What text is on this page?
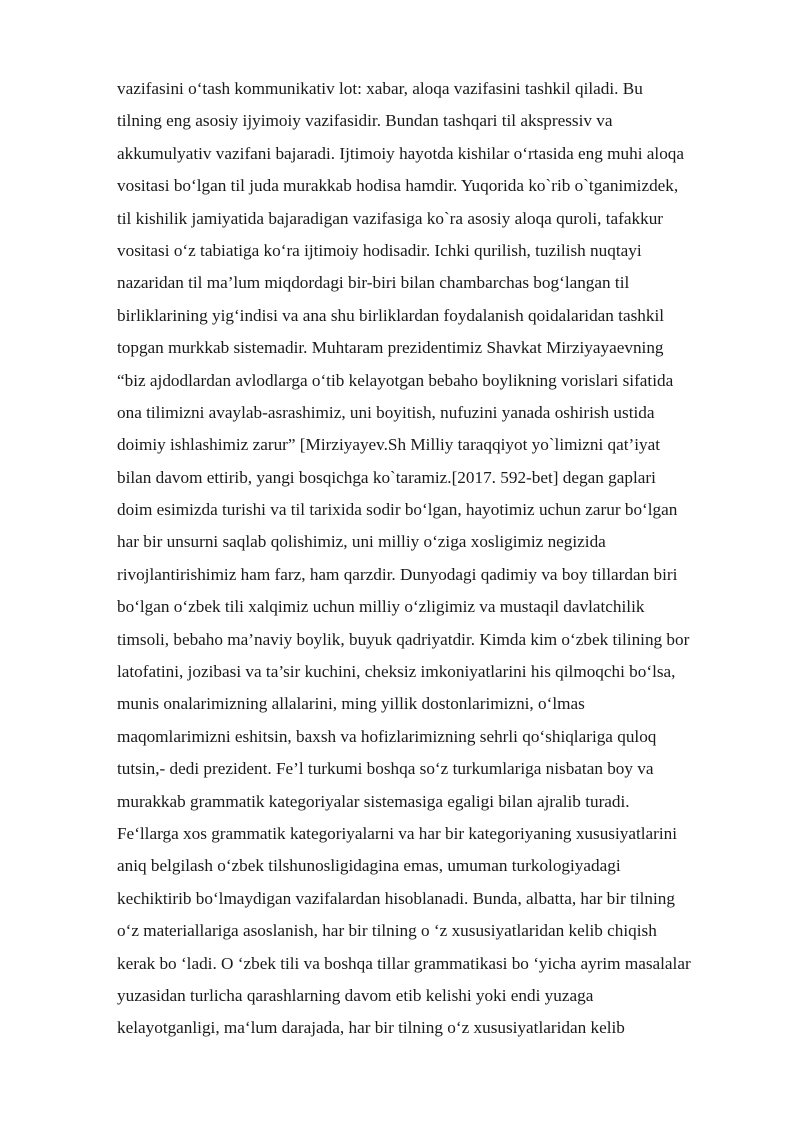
vazifasini o‘tash kommunikativ lot: xabar, aloqa vazifasini tashkil qiladi. Bu
tilning eng asosiy ijyimoiy vazifasidir. Bundan tashqari til akspressiv va
akkumulyativ vazifani bajaradi. Ijtimoiy hayotda kishilar o‘rtasida eng muhi aloqa
vositasi bo‘lgan til juda murakkab hodisa hamdir. Yuqorida ko`rib o`tganimizdek,
til kishilik jamiyatida bajaradigan vazifasiga ko`ra asosiy aloqa quroli, tafakkur
vositasi o‘z tabiatiga ko‘ra ijtimoiy hodisadir. Ichki qurilish, tuzilish nuqtayi
nazaridan til ma’lum miqdordagi bir-biri bilan chambarchas bog‘langan til
birliklarining yig‘indisi va ana shu birliklardan foydalanish qoidalaridan tashkil
topgan murkkab sistemadir. Muhtaram prezidentimiz Shavkat Mirziyayaevning
“biz ajdodlardan avlodlarga o‘tib kelayotgan bebaho boylikning vorislari sifatida
ona tilimizni avaylab-asrashimiz, uni boyitish, nufuzini yanada oshirish ustida
doimiy ishlashimiz zarur” [Mirziyayev.Sh Milliy taraqqiyot yo`limizni qat’iyat
bilan davom ettirib, yangi bosqichga ko`taramiz.[2017. 592-bet] degan gaplari
doim esimizda turishi va til tarixida sodir bo‘lgan, hayotimiz uchun zarur bo‘lgan
har bir unsurni saqlab qolishimiz, uni milliy o‘ziga xosligimiz negizida
rivojlantirishimiz ham farz, ham qarzdir. Dunyodagi qadimiy va boy tillardan biri
bo‘lgan o‘zbek tili xalqimiz uchun milliy o‘zligimiz va mustaqil davlatchilik
timsoli, bebaho ma’naviy boylik, buyuk qadriyatdir. Kimda kim o‘zbek tilining bor
latofatini, jozibasi va ta’sir kuchini, cheksiz imkoniyatlarini his qilmoqchi bo‘lsa,
munis onalarimizning allalarini, ming yillik dostonlarimizni, o‘lmas
maqomlarimizni eshitsin, baxsh va hofizlarimizning sehrli qo‘shiqlariga quloq
tutsin,- dedi prezident. Fe’l turkumi boshqa so‘z turkumlariga nisbatan boy va
murakkab grammatik kategoriyalar sistemasiga egaligi bilan ajralib turadi.
Fe‘llarga xos grammatik kategoriyalarni va har bir kategoriyaning xususiyatlarini
aniq belgilash o‘zbek tilshunosligidagina emas, umuman turkologiyadagi
kechiktirib bo‘lmaydigan vazifalardan hisoblanadi. Bunda, albatta, har bir tilning
o‘z materiallariga asoslanish, har bir tilning o ‘z xususiyatlaridan kelib chiqish
kerak bo ‘ladi. O ‘zbek tili va boshqa tillar grammatikasi bo ‘yicha ayrim masalalar
yuzasidan turlicha qarashlarning davom etib kelishi yoki endi yuzaga
kelayotganligi, ma‘lum darajada, har bir tilning o‘z xususiyatlaridan kelib
